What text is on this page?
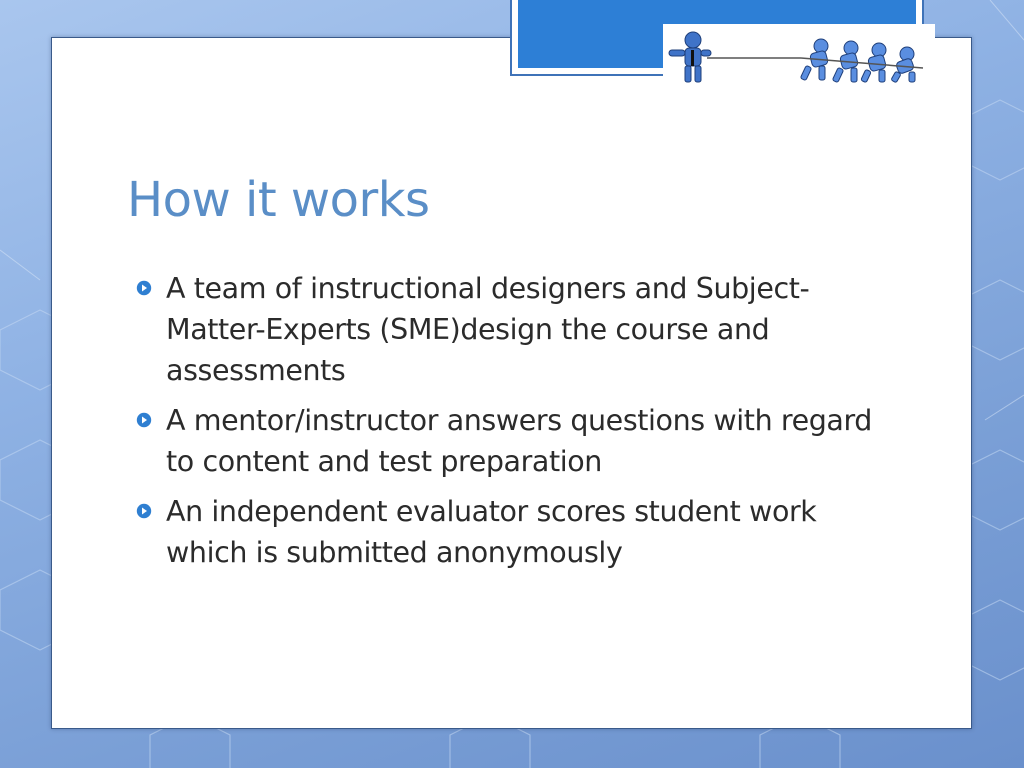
How it works
A team of instructional designers and Subject-Matter-Experts (SME)design the course and assessments
A mentor/instructor answers questions with regard to content and test preparation
An independent evaluator scores student work which is submitted anonymously
